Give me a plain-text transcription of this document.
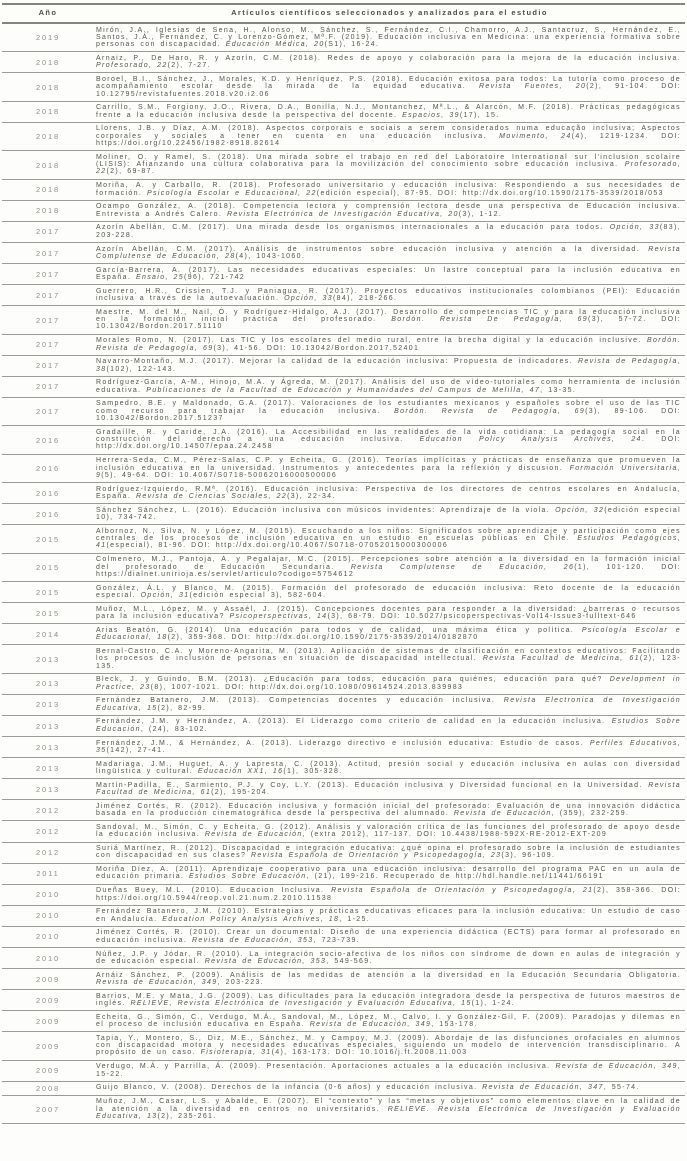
Año	Artículos científicos seleccionados y analizados para el estudio
2019	Mirón, J.A., Iglesias de Sena, H., Alonso, M., Sánchez, S., Fernández, C.I., Chamorro, A.J., Santacruz, S., Hernández, E., Santos, J.Á., Fernández, C. y Lorenzo-Gómez, Mª.F. (2019). Educación inclusiva en Medicina: una experiencia formativa sobre personas con discapacidad. Educación Médica, 20(S1), 16-24.
2018	Arnaiz, P., De Haro, R. y Azorín, C.M. (2018). Redes de apoyo y colaboración para la mejora de la educación inclusiva. Profesorado, 22(2), 7-27.
2018	Boroel, B.I., Sánchez, J., Morales, K.D. y Henríquez, P.S. (2018). Educación exitosa para todos: La tutoría como proceso de acompañamiento escolar desde la mirada de la equidad educativa. Revista Fuentes, 20(2), 91-104. DOI: 10.12795/revistafuentes.2018.v20.i2.06
2018	Carrillo, S.M., Forgiony, J.O., Rivera, D.A., Bonilla, N.J., Montanchez, Mª.L., & Alarcón, M.F. (2018). Prácticas pedagógicas frente a la educación inclusiva desde la perspectiva del docente. Espacios, 39(17), 15.
2018	Llorens, J.B. y Díaz, A.M. (2018). Aspectos corporais e sociais a serem considerados numa educação inclusiva; Aspectos corporales y sociales a tener en cuenta en una educación inclusiva. Movimento, 24(4), 1219-1234. DOI: https://doi.org/10.22456/1982-8918.82614
2018	Moliner, O. y Ramel, S. (2018). Una mirada sobre el trabajo en red del Laboratoire International sur l'inclusion scolaire (LISIS): Afianzando una cultura colaborativa para la movilización del conocimiento sobre educación inclusiva. Profesorado, 22(2), 69-87.
2018	Moriña, A. y Carballo, R. (2018). Profesorado universitario y educación inclusiva: Respondiendo a sus necesidades de formación. Psicología Escolar e Educacional, 22(edición especial), 87-95. DOI: http://dx.doi.org/10.1590/2175-3539/2018/053
2018	Ocampo González, A. (2018). Competencia lectora y comprensión lectora desde una perspectiva de Educación inclusiva. Entrevista a Andrés Calero. Revista Electrónica de Investigación Educativa, 20(3), 1-12.
2017	Azorín Abellán, C.M. (2017). Una mirada desde los organismos internacionales a la educación para todos. Opción, 33(83), 203-228.
2017	Azorín Abellán, C.M. (2017). Análisis de instrumentos sobre educación inclusiva y atención a la diversidad. Revista Complutense de Educación, 28(4), 1043-1060.
2017	García-Barrera, A. (2017). Las necesidades educativas especiales: Un lastre conceptual para la inclusión educativa en España. Ensaio, 25(96), 721-742
2017	Guerrero, H.R., Crissien, T.J. y Paniagua, R. (2017). Proyectos educativos institucionales colombianos (PEI): Educación inclusiva a través de la autoevaluación. Opción, 33(84), 218-266.
2017	Maestre, M. del M., Nail, Ó. y Rodríguez-Hidalgo, A.J. (2017). Desarrollo de competencias TIC y para la educación inclusiva en la formación inicial práctica del profesorado. Bordón. Revista De Pedagogía, 69(3), 57-72. DOI: 10.13042/Bordon.2017.51110
2017	Morales Romo, N. (2017). Las TIC y los escolares del medio rural, entre la brecha digital y la educación inclusive. Bordón. Revista de Pedagogía, 69(3), 41-56. DOI: 10.13042/Bordon.2017.52401
2017	Navarro-Montaño, M.J. (2017). Mejorar la calidad de la educación inclusiva: Propuesta de indicadores. Revista de Pedagogía, 38(102), 122-143.
2017	Rodríguez-García, A-M., Hinojo, M.A. y Ágreda, M. (2017). Análisis del uso de vídeo-tutoriales como herramienta de inclusión educativa. Publicaciones de la Facultad de Educación y Humanidades del Campus de Melilla, 47, 13-35.
2017	Sampedro, B.E. y Maldonado, G.A. (2017). Valoraciones de los estudiantes mexicanos y españoles sobre el uso de las TIC como recurso para trabajar la educación inclusiva. Bordón. Revista de Pedagogía, 69(3), 89-106. DOI: 10.13042/Bordon.2017.51237
2016	Gradaílle, R. y Caride, J.A. (2016). La Accesibilidad en las realidades de la vida cotidiana: La pedagogía social en la construcción del derecho a una educación inclusiva. Education Policy Analysis Archives, 24. DOI: http://dx.doi.org/10.14507/epaa.24.2458
2016	Herrera-Seda, C.M., Pérez-Salas, C.P. y Echeita, G. (2016). Teorías implícitas y prácticas de enseñanza que promueven la inclusión educativa en la universidad. Instrumentos y antecedentes para la reflexión y discusion. Formación Universitaria, 9(5), 49-64. DOI: 10.4067/S0718-50062016000500006
2016	Rodríguez-Izquierdo, R.Mª. (2016). Educación inclusiva: Perspectiva de los directores de centros escolares en Andalucía, España. Revista de Ciencias Sociales, 22(3), 22-34.
2016	Sánchez Sánchez, L. (2016). Educación inclusiva con músicos invidentes: Aprendizaje de la viola. Opción, 32(edición especial 10), 734-742.
2015	Albornoz, N., Silva, N. y López, M. (2015). Escuchando a los niños: Significados sobre aprendizaje y participación como ejes centrales de los procesos de inclusión educativa en un estudio en escuelas públicas en Chile. Estudios Pedagógicos, 41(especial), 81-96. DOI: http://dx.doi.org/10.4067/S0718-07052015000300006
2015	Colmenero, M.J., Pantoja, A. y Pegalajar, M.C. (2015). Percepciones sobre atención a la diversidad en la formación inicial del profesorado de Educación Secundaria. Revista Complutense de Educación, 26(1), 101-120. DOI: https://dialnet.unirioja.es/servlet/articulo?codigo=5754612
2015	González, Á.L. y Blanco, M. (2015). Formación del profesorado de educación inclusiva: Reto docente de la educación especial. Opción, 31(edición especial 3), 582-604.
2015	Muñoz, M.L., López, M. y Assaél, J. (2015). Concepciones docentes para responder a la diversidad: ¿barreras o recursos para la inclusión educativa? Psicoperspectivas, 14(3), 68-79. DOI: 10.5027/psicoperspectivas-Vol14-Issue3-fulltext-646
2014	Arias Beatón, G. (2014). Una educación para todos y de calidad, una máxima ética y política. Psicología Escolar e Educacional, 18(2), 359-368. DOI: http://dx.doi.org/10.1590/2175-3539/2014/0182870
2013	Bernal-Castro, C.A. y Moreno-Angarita, M. (2013). Aplicación de sistemas de clasificación en contextos educativos: Facilitando los procesos de inclusión de personas en situación de discapacidad intellectual. Revista Facultad de Medicina, 61(2), 123-135.
2013	Bleck, J. y Guindo, B.M. (2013). ¿Educación para todos, educación para quiénes, educación para qué? Development in Practice, 23(8), 1007-1021. DOI: http://dx.doi.org/10.1080/09614524.2013.839983
2013	Fernández Batanero, J.M. (2013). Competencias docentes y educación inclusiva. Revista Electronica de Investigación Educativa, 15(2), 82-99.
2013	Fernández, J.M. y Hernández, A. (2013). El Liderazgo como criterio de calidad en la educación inclusiva. Estudios Sobre Educación, (24), 83-102.
2013	Fernández, J.M., & Hernández, A. (2013). Liderazgo directivo e inclusión educativa: Estudio de casos. Perfiles Educativos, 35(142), 27-41.
2013	Madariaga, J.M., Huguet, A. y Lapresta, C. (2013). Actitud, presión social y educación inclusiva en aulas con diversidad lingüística y cultural. Educación XX1, 16(1), 305-328.
2013	Martín-Padilla, E., Sarmiento, P.J. y Coy, L.Y. (2013). Educación inclusiva y Diversidad funcional en la Universidad. Revista Facultad de Medicina, 61(2), 195-204.
2012	Jiménez Cortés, R. (2012). Educación inclusiva y formación inicial del profesorado: Evaluación de una innovación didáctica basada en la producción cinematográfica desde la perspectiva del alumnado. Revista de Educación, (359), 232-259.
2012	Sandoval, M., Simón, C. y Echeita, G. (2012). Análisis y valoración crítica de las funciones del profesorado de apoyo desde la educación inclusiva. Revista de Educación, (extra 2012), 117-137. DOI: 10.4438/1988-592X-RE-2012-EXT-209
2012	Suriá Martínez, R. (2012). Discapacidad e integración educativa: ¿qué opina el profesorado sobre la inclusión de estudiantes con discapacidad en sus clases? Revista Española de Orientación y Psicopedagogía, 23(3), 96-109.
2011	Moriña Díez, A. (2011). Aprendizaje cooperativo para una educación inclusiva: desarrollo del programa PAC en un aula de educación primaria. Estudios Sobre Educación, (21), 199-216. Recuperado de http://hdl.handle.net/11441/66191
2010	Dueñas Buey, M.L. (2010). Educacion Inclusiva. Revista Española de Orientación y Psicopedagogía, 21(2), 358-366. DOI: https://doi.org/10.5944/reop.vol.21.num.2.2010.11538
2010	Fernández Batanero, J.M. (2010). Estrategias y prácticas educativas eficaces para la inclusión educativa: Un estudio de caso en Andalucía. Education Policy Analysis Archives, 18, 1-25.
2010	Jiménez Cortés, R. (2010). Crear un documental: Diseño de una experiencia didáctica (ECTS) para formar al profesorado en educación inclusiva. Revista de Educación, 353, 723-739.
2010	Núñez, J.P. y Jódar, R. (2010). La integración socio-afectiva de los niños con síndrome de down en aulas de integración y de educación especial. Revista de Educación, 353, 549-569.
2009	Arnáiz Sánchez, P. (2009). Análisis de las medidas de atención a la diversidad en la Educación Secundaria Obligatoria. Revista de Educación, 349, 203-223.
2009	Barrios, M.E. y Mata, J.G. (2009). Las dificultades para la educación integradora desde la perspectiva de futuros maestros de inglés. RELIEVE, Revista Electrónica de Investigación y Evaluación Educativa, 15(1), 1-24.
2009	Echeita, G., Simón, C., Verdugo, M.Á., Sandoval, M., López, M., Calvo, I. y González-Gil, F. (2009). Paradojas y dilemas en el proceso de inclusión educativa en España. Revista de Educación, 349, 153-178.
2009	Tapia, Y., Montero, S., Diz, M.E., Sánchez, M. y Campoy, M.J. (2009). Abordaje de las disfunciones orofaciales en alumnos con discapacidad motora y necesidades educativas especiales, siguiendo un modelo de intervención transdisciplinario. A propósito de un caso. Fisioterapia, 31(4), 163-173. DOI: 10.1016/j.ft.2008.11.003
2009	Verdugo, M.Á. y Parrilla, Á. (2009). Presentación. Aportaciones actuales a la educación inclusiva. Revista de Educación, 349, 15-22.
2008	Guijo Blanco, V. (2008). Derechos de la infancia (0-6 años) y educación inclusiva. Revista de Educación, 347, 55-74.
2007	Muñoz, J.M., Casar, L.S. y Abalde, E. (2007). El “contexto” y las “metas y objetivos” como elementos clave en la calidad de la atención a la diversidad en centros no universitarios. RELIEVE. Revista Electrónica de Investigación y Evaluación Educativa, 13(2), 235-261.
